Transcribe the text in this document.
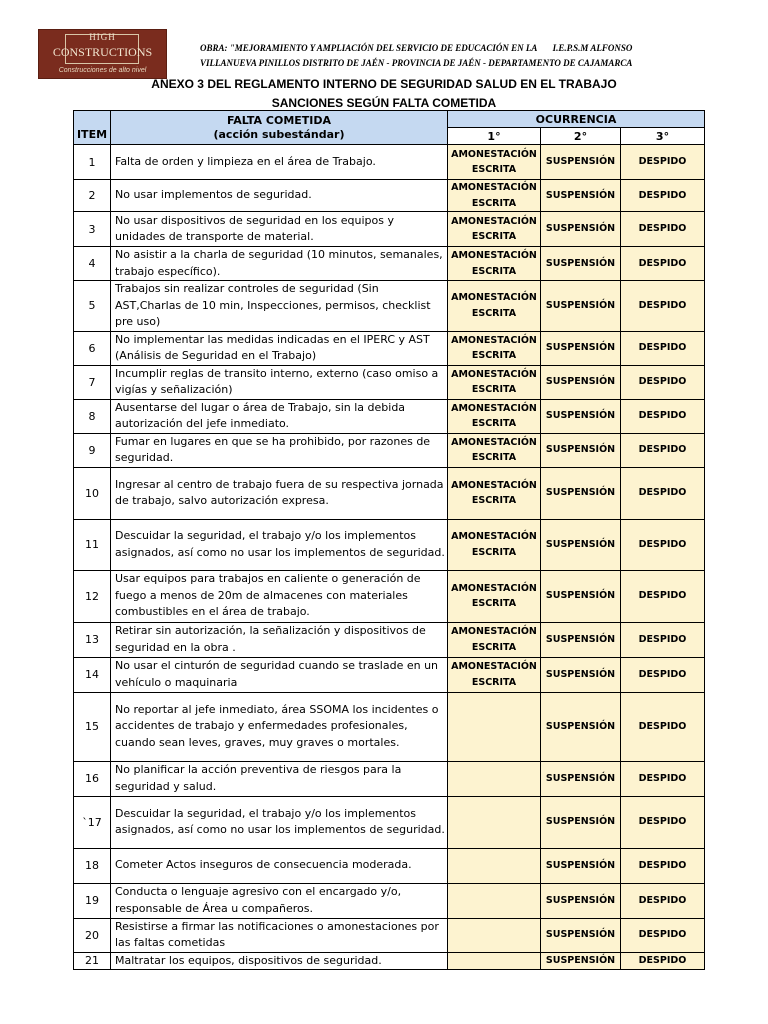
HIGH
CONSTRUCTIONS
Construcciones de alto nivel
OBRA: "MEJORAMIENTO Y AMPLIACIÓN DEL SERVICIO DE EDUCACIÓN EN LA       I.E.P.S.M ALFONSO
VILLANUEVA PINILLOS DISTRITO DE JAÉN - PROVINCIA DE JAÉN - DEPARTAMENTO DE CAJAMARCA
ANEXO 3 DEL REGLAMENTO INTERNO DE SEGURIDAD SALUD EN EL TRABAJO
SANCIONES SEGÚN FALTA COMETIDA
ITEM	FALTA COMETIDA
(acción subestándar)	OCURRENCIA		
		1°	2°	3°
1	Falta de orden y limpieza en el área de Trabajo.	AMONESTACIÓN ESCRITA	SUSPENSIÓN	DESPIDO
2	No usar implementos de seguridad.	AMONESTACIÓN ESCRITA	SUSPENSIÓN	DESPIDO
3	No usar dispositivos de seguridad en los equipos y unidades de transporte de material.	AMONESTACIÓN ESCRITA	SUSPENSIÓN	DESPIDO
4	No asistir a la charla de seguridad (10 minutos, semanales, trabajo específico).	AMONESTACIÓN ESCRITA	SUSPENSIÓN	DESPIDO
5	Trabajos sin realizar controles de seguridad (Sin AST,Charlas de 10 min, Inspecciones, permisos, checklist pre uso)	AMONESTACIÓN ESCRITA	SUSPENSIÓN	DESPIDO
6	No implementar las medidas indicadas en el IPERC y AST (Análisis de Seguridad en el Trabajo)	AMONESTACIÓN ESCRITA	SUSPENSIÓN	DESPIDO
7	Incumplir reglas de transito interno, externo (caso omiso a vigías y señalización)	AMONESTACIÓN ESCRITA	SUSPENSIÓN	DESPIDO
8	Ausentarse del lugar o área de Trabajo, sin la debida autorización del jefe inmediato.	AMONESTACIÓN ESCRITA	SUSPENSIÓN	DESPIDO
9	Fumar en lugares en que se ha prohibido, por razones de seguridad.	AMONESTACIÓN ESCRITA	SUSPENSIÓN	DESPIDO
10	Ingresar al centro de trabajo fuera de su respectiva jornada de trabajo, salvo autorización expresa.	AMONESTACIÓN ESCRITA	SUSPENSIÓN	DESPIDO
11	Descuidar la seguridad, el trabajo y/o los implementos asignados, así como no usar los implementos de seguridad.	AMONESTACIÓN ESCRITA	SUSPENSIÓN	DESPIDO
12	Usar equipos para trabajos en caliente o generación de fuego a menos de 20m de almacenes con materiales combustibles en el área de trabajo.	AMONESTACIÓN ESCRITA	SUSPENSIÓN	DESPIDO
13	Retirar sin autorización, la señalización y dispositivos de seguridad en la obra .	AMONESTACIÓN ESCRITA	SUSPENSIÓN	DESPIDO
14	No usar el cinturón de seguridad cuando se traslade en un vehículo o maquinaria	AMONESTACIÓN ESCRITA	SUSPENSIÓN	DESPIDO
15	No reportar al jefe inmediato, área SSOMA los incidentes o accidentes de trabajo y enfermedades profesionales, cuando sean leves, graves, muy graves o mortales.		SUSPENSIÓN	DESPIDO
16	No planificar la acción preventiva de riesgos para la seguridad y salud.		SUSPENSIÓN	DESPIDO
`17	Descuidar la seguridad, el trabajo y/o los implementos asignados, así como no usar los implementos de seguridad.		SUSPENSIÓN	DESPIDO
18	Cometer Actos inseguros de consecuencia moderada.		SUSPENSIÓN	DESPIDO
19	Conducta o lenguaje agresivo con el encargado y/o, responsable de Área u compañeros.		SUSPENSIÓN	DESPIDO
20	Resistirse a firmar las notificaciones o amonestaciones por las faltas cometidas		SUSPENSIÓN	DESPIDO
21	Maltratar los equipos, dispositivos de seguridad.		SUSPENSIÓN	DESPIDO
